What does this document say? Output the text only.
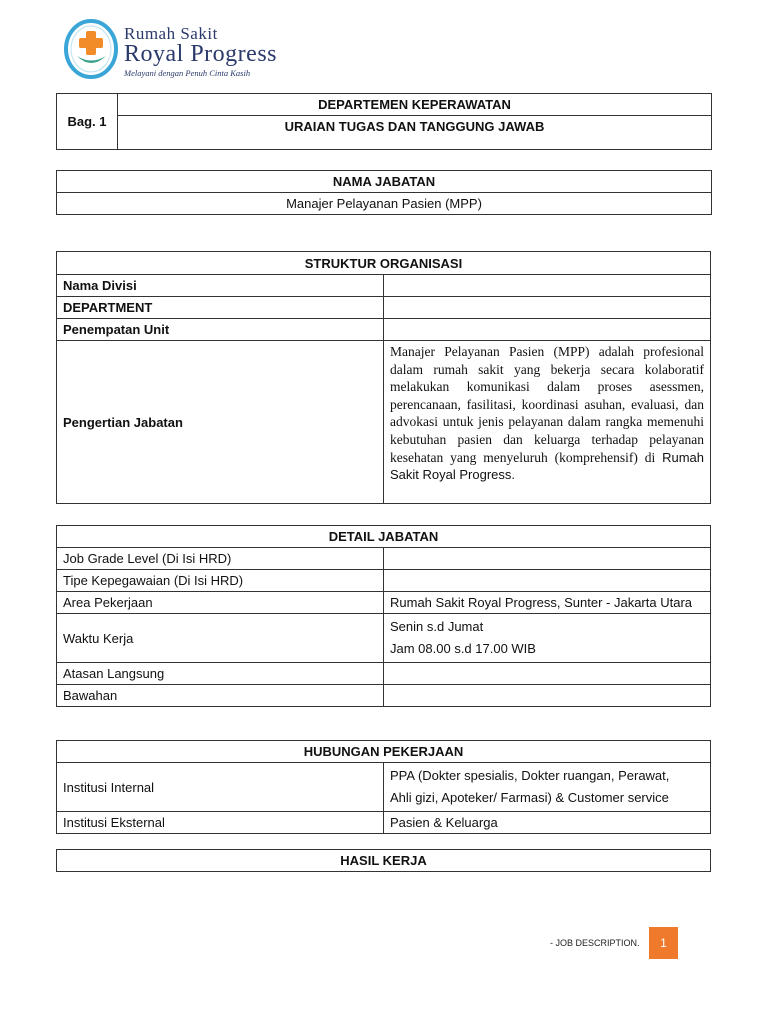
Rumah Sakit
Royal Progress
Melayani dengan Penuh Cinta Kasih
Bag. 1	DEPARTEMEN KEPERAWATAN
URAIAN TUGAS DAN TANGGUNG JAWAB
NAMA JABATAN
Manajer Pelayanan Pasien (MPP)
STRUKTUR ORGANISASI	
Nama Divisi	
DEPARTMENT	
Penempatan Unit	
Pengertian Jabatan	Manajer Pelayanan Pasien (MPP) adalah profesional dalam rumah sakit yang bekerja secara kolaboratif melakukan komunikasi dalam proses asessmen, perencanaan, fasilitasi, koordinasi asuhan, evaluasi, dan advokasi untuk jenis pelayanan dalam rangka memenuhi kebutuhan pasien dan keluarga terhadap pelayanan kesehatan yang menyeluruh (komprehensif) di Rumah Sakit Royal Progress.
DETAIL JABATAN	
Job Grade Level (Di Isi HRD)	
Tipe Kepegawaian (Di Isi HRD)	
Area Pekerjaan	Rumah Sakit Royal Progress, Sunter - Jakarta Utara
Waktu Kerja	Senin s.d Jumat
Jam 08.00 s.d 17.00 WIB

Atasan Langsung	
Bawahan	
HUBUNGAN PEKERJAAN	
Institusi Internal	PPA (Dokter spesialis, Dokter ruangan, Perawat,
Ahli gizi, Apoteker/ Farmasi) & Customer service

Institusi Eksternal	Pasien & Keluarga
HASIL KERJA
- JOB DESCRIPTION.	1
